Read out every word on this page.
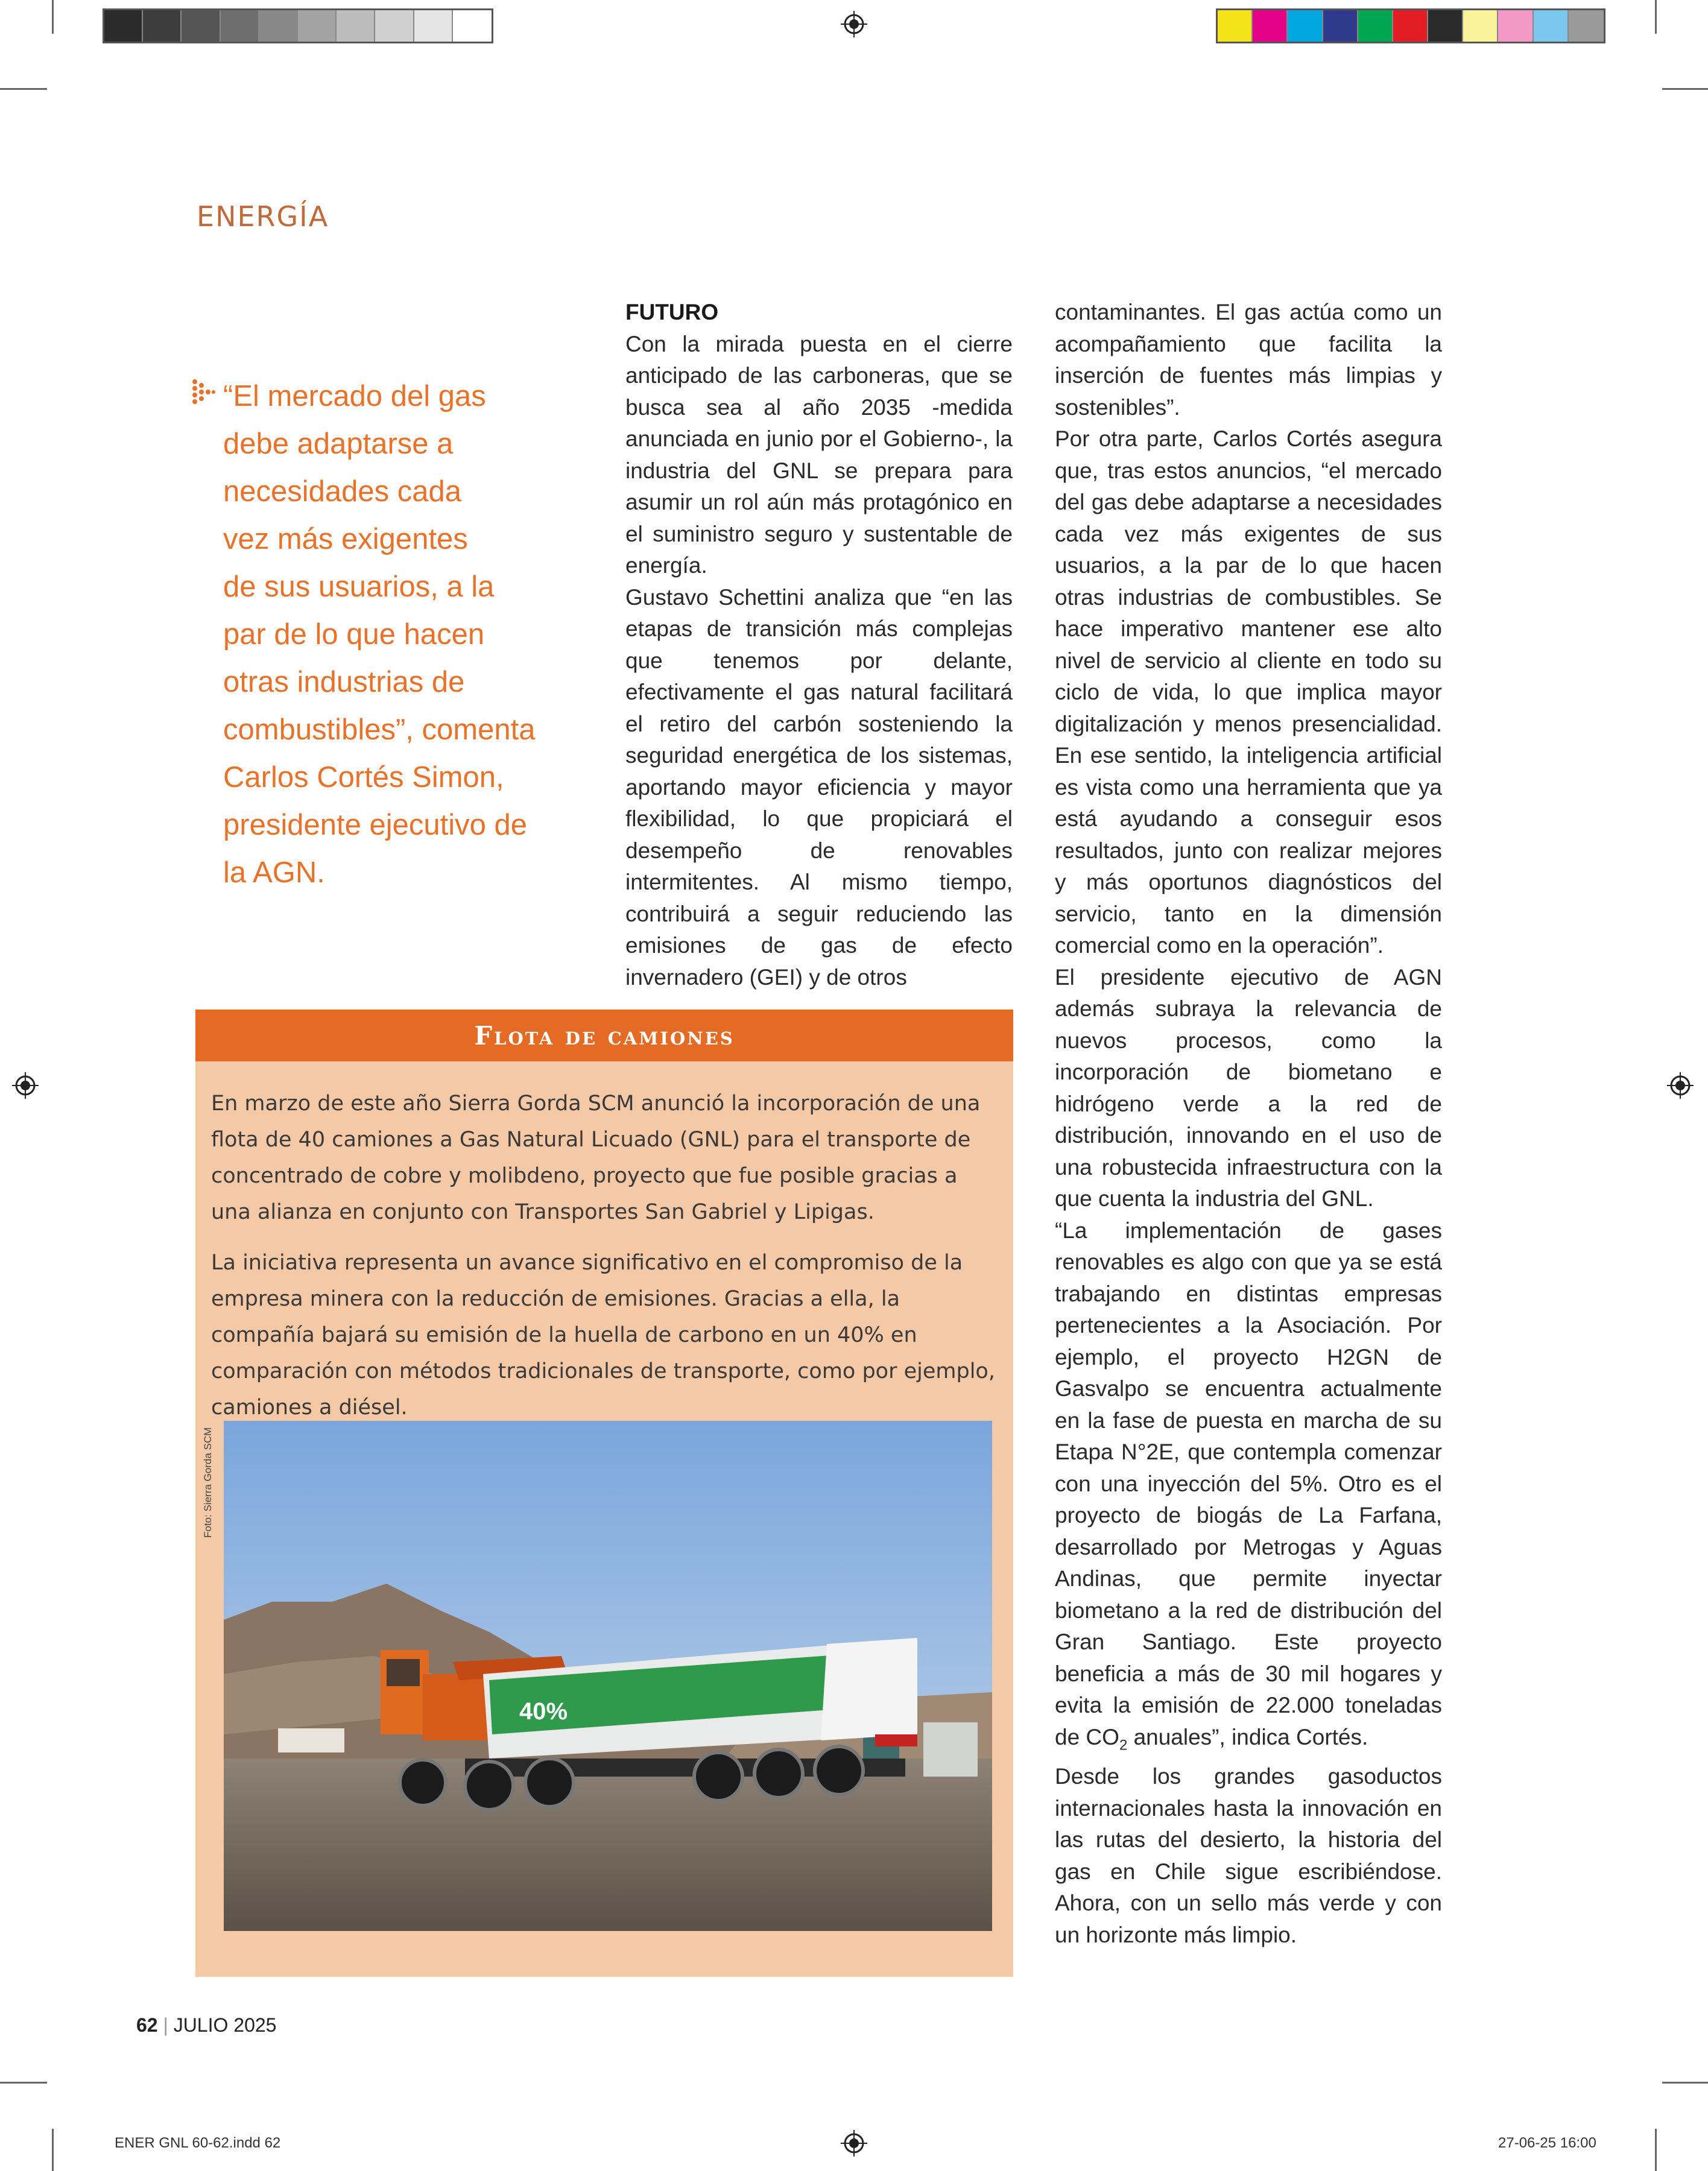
ENERGÍA
“El mercado del gas
debe adaptarse a
necesidades cada
vez más exigentes
de sus usuarios, a la
par de lo que hacen
otras industrias de
combustibles”, comenta
Carlos Cortés Simon,
presidente ejecutivo de
la AGN.

FUTURO

Con la mirada puesta en el cierre anticipado de las carboneras, que se busca sea al año 2035 -medida anunciada en junio por el Gobierno-, la industria del GNL se prepara para asumir un rol aún más protagónico en el suministro seguro y sustentable de energía.

Gustavo Schettini analiza que “en las etapas de transición más complejas que tenemos por delante, efectivamente el gas natural facilitará el retiro del carbón sosteniendo la seguridad energética de los sistemas, aportando mayor eficiencia y mayor flexibilidad, lo que propiciará el desempeño de renovables intermitentes. Al mismo tiempo, contribuirá a seguir reduciendo las emisiones de gas de efecto invernadero (GEI) y de otros

contaminantes. El gas actúa como un acompañamiento que facilita la inserción de fuentes más limpias y sostenibles”.

Por otra parte, Carlos Cortés asegura que, tras estos anuncios, “el mercado del gas debe adaptarse a necesidades cada vez más exigentes de sus usuarios, a la par de lo que hacen otras industrias de combustibles. Se hace imperativo mantener ese alto nivel de servicio al cliente en todo su ciclo de vida, lo que implica mayor digitalización y menos presencialidad. En ese sentido, la inteligencia artificial es vista como una herramienta que ya está ayudando a conseguir esos resultados, junto con realizar mejores y más oportunos diagnósticos del servicio, tanto en la dimensión comercial como en la operación”.

El presidente ejecutivo de AGN además subraya la relevancia de nuevos procesos, como la incorporación de biometano e hidrógeno verde a la red de distribución, innovando en el uso de una robustecida infraestructura con la que cuenta la industria del GNL.

“La implementación de gases renovables es algo con que ya se está trabajando en distintas empresas pertenecientes a la Asociación. Por ejemplo, el proyecto H2GN de Gasvalpo se encuentra actualmente en la fase de puesta en marcha de su Etapa N°2E, que contempla comenzar con una inyección del 5%. Otro es el proyecto de biogás de La Farfana, desarrollado por Metrogas y Aguas Andinas, que permite inyectar biometano a la red de distribución del Gran Santiago. Este proyecto beneficia a más de 30 mil hogares y evita la emisión de 22.000 toneladas de $CO_2$ anuales”, indica Cortés.

Desde los grandes gasoductos internacionales hasta la innovación en las rutas del desierto, la historia del gas en Chile sigue escribiéndose. Ahora, con un sello más verde y con un horizonte más limpio.

Flota de camiones

En marzo de este año Sierra Gorda SCM anunció la incorporación de una flota de 40 camiones a Gas Natural Licuado (GNL) para el transporte de concentrado de cobre y molibdeno, proyecto que fue posible gracias a una alianza en conjunto con Transportes San Gabriel y Lipigas.

La iniciativa representa un avance significativo en el compromiso de la empresa minera con la reducción de emisiones. Gracias a ella, la compañía bajará su emisión de la huella de carbono en un 40% en comparación con métodos tradicionales de transporte, como por ejemplo, camiones a diésel.

Foto: Sierra Gorda SCM
40%
62 | JULIO 2025
ENER GNL 60-62.indd 62	27-06-25 16:00
